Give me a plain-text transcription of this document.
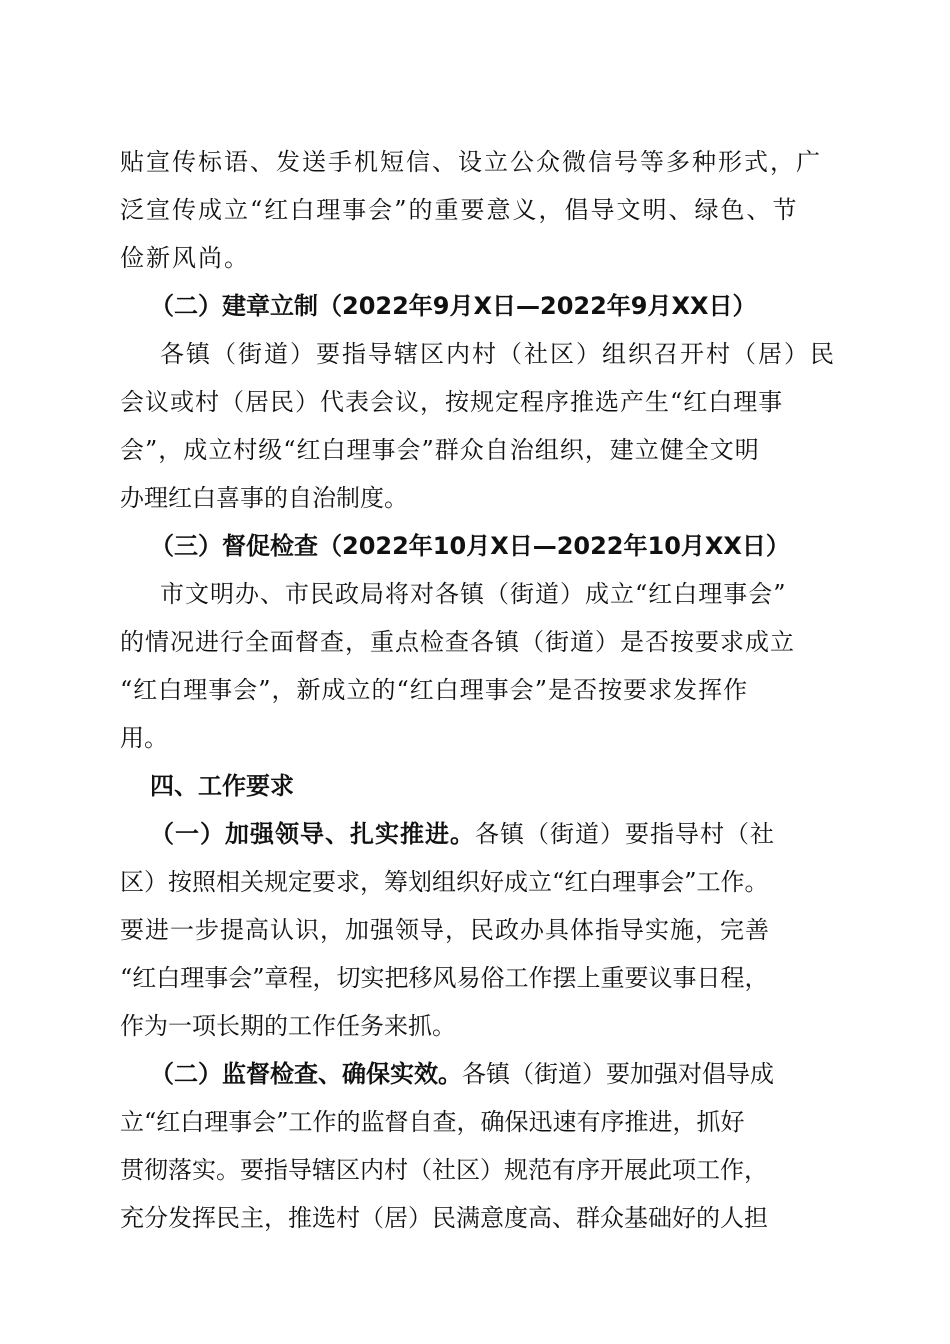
贴宣传标语、发送手机短信、设立公众微信号等多种形式，广
泛宣传成立“红白理事会”的重要意义，倡导文明、绿色、节
俭新风尚。
（二）建章立制（2022年9月X日—2022年9月XX日）
各镇（街道）要指导辖区内村（社区）组织召开村（居）民
会议或村（居民）代表会议，按规定程序推选产生“红白理事
会”，成立村级“红白理事会”群众自治组织，建立健全文明
办理红白喜事的自治制度。
（三）督促检查（2022年10月X日—2022年10月XX日）
市文明办、市民政局将对各镇（街道）成立“红白理事会”
的情况进行全面督查，重点检查各镇（街道）是否按要求成立
“红白理事会”，新成立的“红白理事会”是否按要求发挥作
用。
四、工作要求
（一）加强领导、扎实推进。各镇（街道）要指导村（社
区）按照相关规定要求，筹划组织好成立“红白理事会”工作。
要进一步提高认识，加强领导，民政办具体指导实施，完善
“红白理事会”章程，切实把移风易俗工作摆上重要议事日程，
作为一项长期的工作任务来抓。
（二）监督检查、确保实效。各镇（街道）要加强对倡导成
立“红白理事会”工作的监督自查，确保迅速有序推进，抓好
贯彻落实。要指导辖区内村（社区）规范有序开展此项工作，
充分发挥民主，推选村（居）民满意度高、群众基础好的人担
